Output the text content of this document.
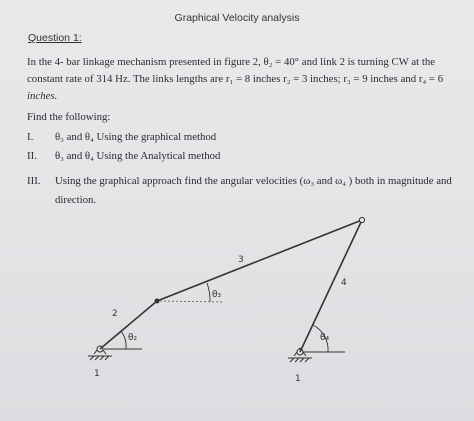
Graphical Velocity analysis
Question 1:
In the 4- bar linkage mechanism presented in figure 2, θ₂ = 40° and link 2 is turning CW at the
constant rate of 314 Hz. The links lengths are r₁ = 8 inches r₂ = 3 inches; r₃ = 9 inches and r₄ = 6
inches.
Find the following:
I. θ₃ and θ₄ Using the graphical method
II. θ₃ and θ₄ Using the Analytical method
III. Using the graphical approach find the angular velocities (ω₃ and ω₄ ) both in magnitude and direction.
2
3
4
1	1
θ₂
θ₃
θ₄
